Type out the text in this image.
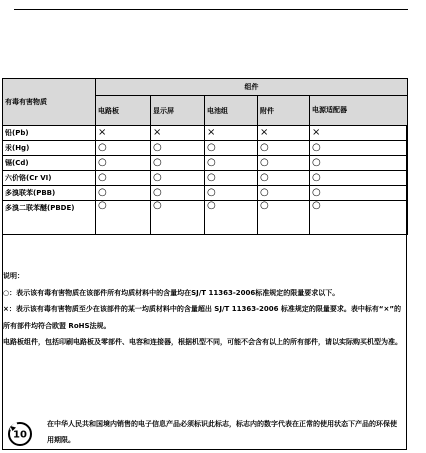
有毒有害物质	组件				
	电路板	显示屏	电池组	附件	电源适配器
铅(Pb)	×	×	×	×	×
汞(Hg)	○	○	○	○	○
镉(Cd)	○	○	○	○	○
六价铬(Cr VI)	○	○	○	○	○
多溴联苯(PBB)	○	○	○	○	○
多溴二联苯醚(PBDE)	○	○	○	○	○

说明：

○：表示该有毒有害物质在该部件所有均质材料中的含量均在SJ/T 11363-2006标准规定的限量要求以下。

×：表示该有毒有害物质至少在该部件的某一均质材料中的含量超出 SJ/T 11363-2006 标准规定的限量要求。表中标有“×”的所有部件均符合欧盟 RoHS法规。

电路板组件，包括印刷电路板及零部件、电容和连接器，根据机型不同，可能不会含有以上的所有部件，请以实际购买机型为准。

10
在中华人民共和国境内销售的电子信息产品必须标识此标志，标志内的数字代表在正常的使用状态下产品的环保使用期限。
